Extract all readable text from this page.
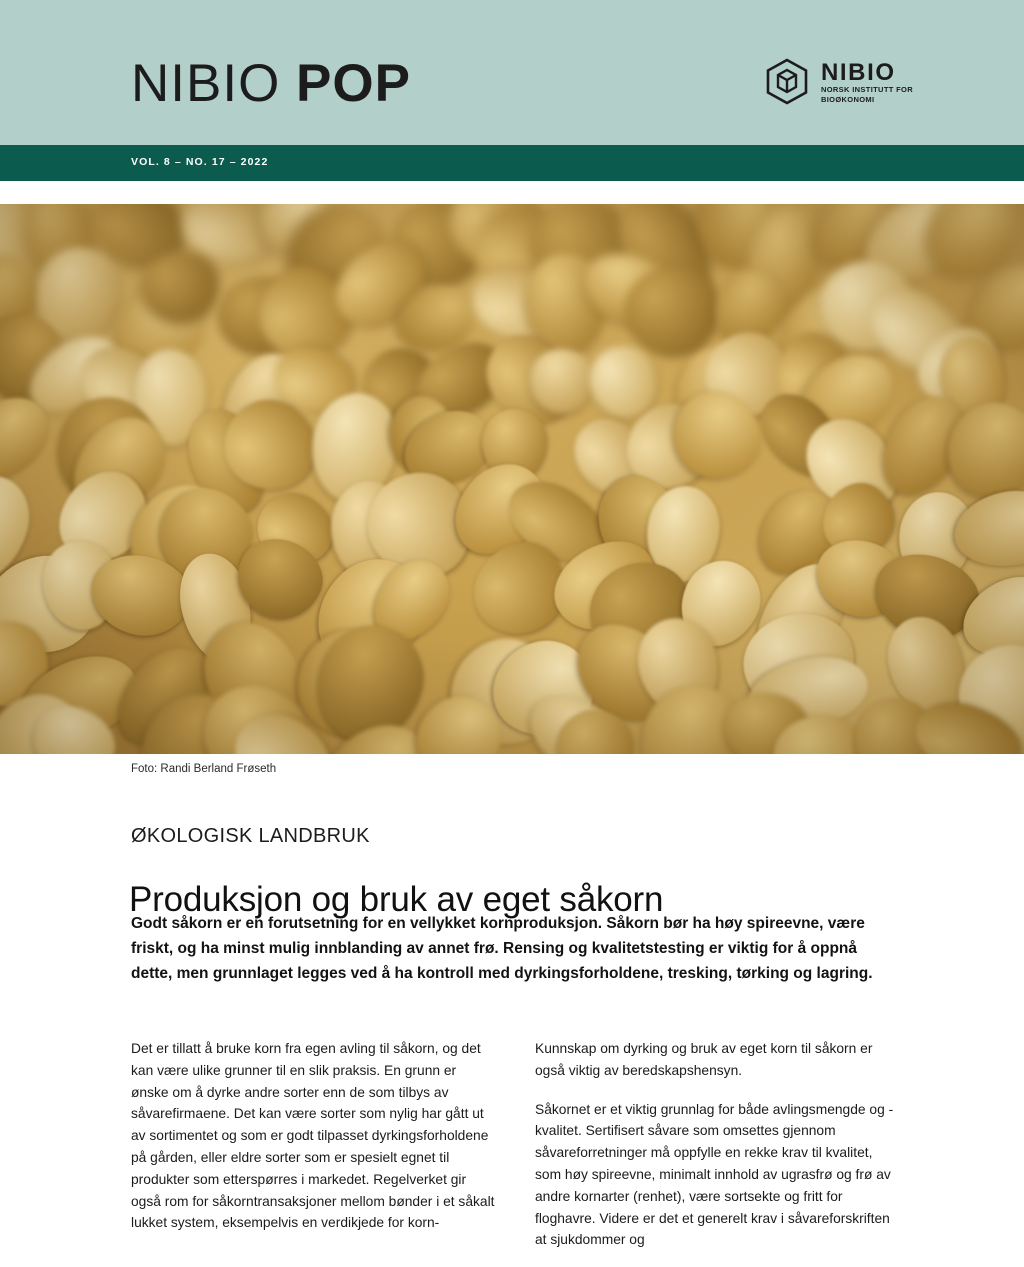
NIBIO POP	NIBIO
NORSK INSTITUTT FOR
BIOØKONOMI
VOL. 8 – NO. 17 – 2022
Foto: Randi Berland Frøseth
ØKOLOGISK LANDBRUK
Produksjon og bruk av eget såkorn
Godt såkorn er en forutsetning for en vellykket kornproduksjon. Såkorn bør ha høy spireevne, være friskt, og ha minst mulig innblanding av annet frø. Rensing og kvalitetstesting er viktig for å oppnå dette, men grunnlaget legges ved å ha kontroll med dyrkingsforholdene, tresking, tørking og lagring.

Det er tillatt å bruke korn fra egen avling til såkorn, og det kan være ulike grunner til en slik praksis. En grunn er ønske om å dyrke andre sorter enn de som tilbys av såvarefirmaene. Det kan være sorter som nylig har gått ut av sortimentet og som er godt tilpasset dyrkingsforholdene på gården, eller eldre sorter som er spesielt egnet til produkter som etterspørres i markedet. Regelverket gir også rom for såkorntransaksjoner mellom bønder i et såkalt lukket system, eksempelvis en verdikjede for korn-

Kunnskap om dyrking og bruk av eget korn til såkorn er også viktig av beredskapshensyn.

Såkornet er et viktig grunnlag for både avlingsmengde og -kvalitet. Sertifisert såvare som omsettes gjennom såvareforretninger må oppfylle en rekke krav til kvalitet, som høy spireevne, minimalt innhold av ugrasfrø og frø av andre kornarter (renhet), være sortsekte og fritt for floghavre. Videre er det et generelt krav i såvareforskriften at sjukdommer og
